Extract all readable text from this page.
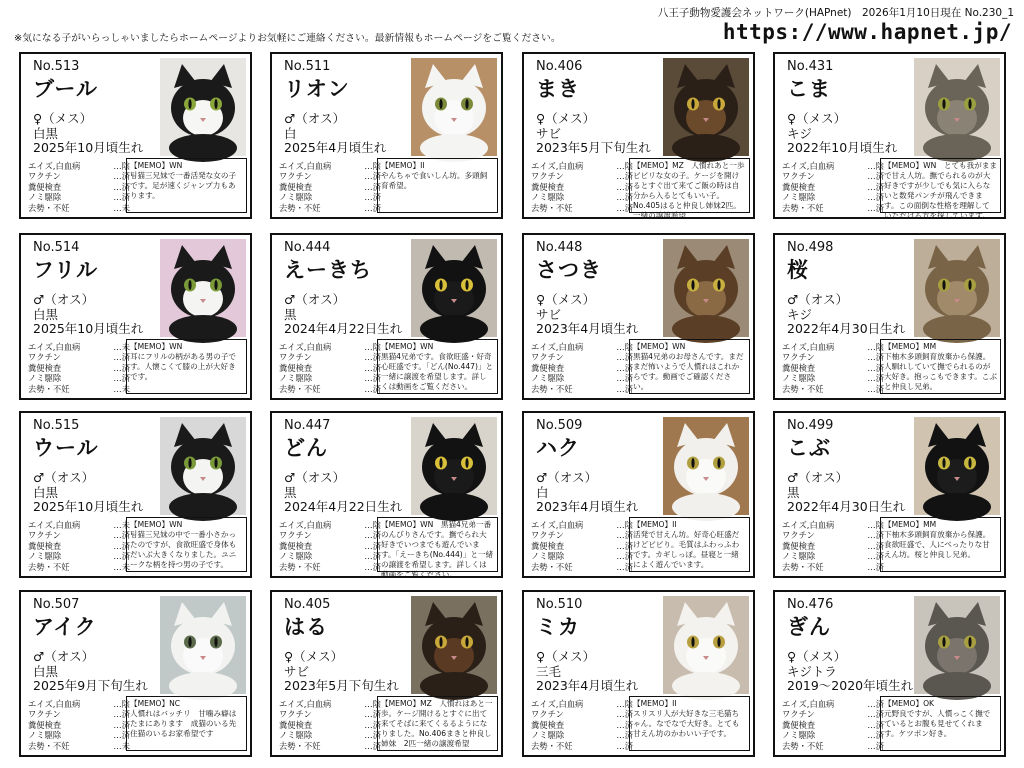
八王子動物愛護会ネットワーク(HAPnet)　2026年1月10日現在 No.230_1
※気になる子がいらっしゃいましたらホームページよりお気軽にご連絡ください。最新情報もホームページをご覧ください。	https://www.hapnet.jp/
No.513
ブール
♀（メス）
白黒
2025年10月頃生れ
エイズ,白血病	…陰
ワクチン	…済
糞便検査	…済
ノミ駆除	…済
去勢・不妊	…未
【MEMO】WN
팀猫三兄妹で一番活発な女の子です。足が速くジャンプ力もあります。
No.511
リオン
♂（オス）
白
2025年4月頃生れ
エイズ,白血病	…陰
ワクチン	…済
糞便検査	…済
ノミ駆除	…済
去勢・不妊	…済
【MEMO】II
やんちゃで食いしん坊。多頭飼育希望。
No.406
まき
♀（メス）
サビ
2023年5月下旬生れ
エイズ,白血病	…陰
ワクチン	…済
糞便検査	…済
ノミ駆除	…済
去勢・不妊	…済
【MEMO】MZ　人慣れあと一歩ビビリな女の子。ケージを開けるとすぐ出て来てご飯の時は自分から入るとてもいい子。No.405はると仲良し姉妹2匹。一緒の譲渡希望
No.431
こま
♀（メス）
キジ
2022年10月頃生れ
エイズ,白血病	…陰
ワクチン	…済
糞便検査	…済
ノミ駆除	…済
去勢・不妊	…済
【MEMO】WN　とても我がままで甘え人坊。撫でられるのが大好きですが少しでも気に入らないと数発パンチが飛んできます。この面倒な性格を理解していただける方を探しています。
No.514
フリル
♂（オス）
白黒
2025年10月頃生れ
エイズ,白血病	…未
ワクチン	…済
糞便検査	…済
ノミ駆除	…済
去勢・不妊	…未
【MEMO】WN
耳にフリルの柄がある男の子です。人懐こくて膝の上が大好きです。
No.444
えーきち
♂（オス）
黒
2024年4月22日生れ
エイズ,白血病	…陰
ワクチン	…済
糞便検査	…済
ノミ駆除	…済
去勢・不妊	…済
【MEMO】WN
黒猫4兄弟です。食欲旺盛・好奇心旺盛です。「どん(No.447)」と一緒に譲渡を希望します。詳しくは動画をご覧ください。
No.448
さつき
♀（メス）
サビ
2023年4月頃生れ
エイズ,白血病	…陰
ワクチン	…済
糞便検査	…済
ノミ駆除	…済
去勢・不妊	…済
【MEMO】WN
黒猫4兄弟のお母さんです。まだまだ怖いようで人慣れはこれからです。動画でご確認ください。
No.498
桜
♂（オス）
キジ
2022年4月30日生れ
エイズ,白血病	…陰
ワクチン	…済
糞便検査	…済
ノミ駆除	…済
去勢・不妊	…済
【MEMO】MM
下柚木多頭飼育放棄から保護。人馴れしていて撫でられるのが大好き。抱っこもできます。こぶと仲良し兄弟。
No.515
ウール
♂（オス）
白黒
2025年10月頃生れ
エイズ,白血病	…未
ワクチン	…済
糞便検査	…済
ノミ駆除	…済
去勢・不妊	…未
【MEMO】WN
팀猫三兄妹の中で一番小さかったのですが、食欲旺盛で身体もだいぶ大きくなりました。ユニークな柄を持つ男の子です。
No.447
どん
♂（オス）
黒
2024年4月22日生れ
エイズ,白血病	…陰
ワクチン	…済
糞便検査	…済
ノミ駆除	…済
去勢・不妊	…済
【MEMO】WN　黒猫4兄弟一番のんびりさんです。撫でられ大好きでいつまでも遊んでいます。「えーきち(No.444)」と一緒の譲渡を希望します。詳しくは動画をご覧ください。
No.509
ハク
♂（オス）
白
2023年4月頃生れ
エイズ,白血病	…陰
ワクチン	…済
糞便検査	…済
ノミ駆除	…済
去勢・不妊	…済
【MEMO】II
活発で甘えん坊。好奇心旺盛だけどビビり。毛質はふわっふわです。カギしっぽ。昼寝と一緒によく遊んでいます。
No.499
こぶ
♂（オス）
黒
2022年4月30日生れ
エイズ,白血病	…陰
ワクチン	…済
糞便検査	…済
ノミ駆除	…済
去勢・不妊	…済
【MEMO】MM
下柚木多頭飼育放棄から保護。食欲旺盛で、人にべったりな甘えん坊。桜と仲良し兄弟。
No.507
アイク
♂（オス）
白黒
2025年9月下旬生れ
エイズ,白血病	…陰
ワクチン	…済
糞便検査	…済
ノミ駆除	…済
去勢・不妊	…未
【MEMO】NC
人慣れはバッチリ　甘噛み癖はたまにあります　成猫のいる先住猫のいるお家希望です
No.405
はる
♀（メス）
サビ
2023年5月下旬生れ
エイズ,白血病	…陰
ワクチン	…済
糞便検査	…済
ノミ駆除	…済
去勢・不妊	…済
【MEMO】MZ　人慣れはあと一歩。ケージ開けるとすぐに出て来てそばに来てくるるようになりました。No.406まきと仲良し姉妹　2匹一緒の譲渡希望
No.510
ミカ
♀（メス）
三毛
2023年4月頃生れ
エイズ,白血病	…陰
ワクチン	…済
糞便検査	…済
ノミ駆除	…済
去勢・不妊	…済
【MEMO】II
スリスリ人が大好きな三毛猫ちゃん。なでなで大好き。とても甘えん坊のかわいい子です。
No.476
ぎん
♀（メス）
キジトラ
2019～2020年頃生れ
エイズ,白血病	…済
ワクチン	…済
糞便検査	…済
ノミ駆除	…済
去勢・不妊	…済
【MEMO】OK
元野良ですが、人慣っこく撫でているとお腹も見せてくれます。ケツポン好き。
